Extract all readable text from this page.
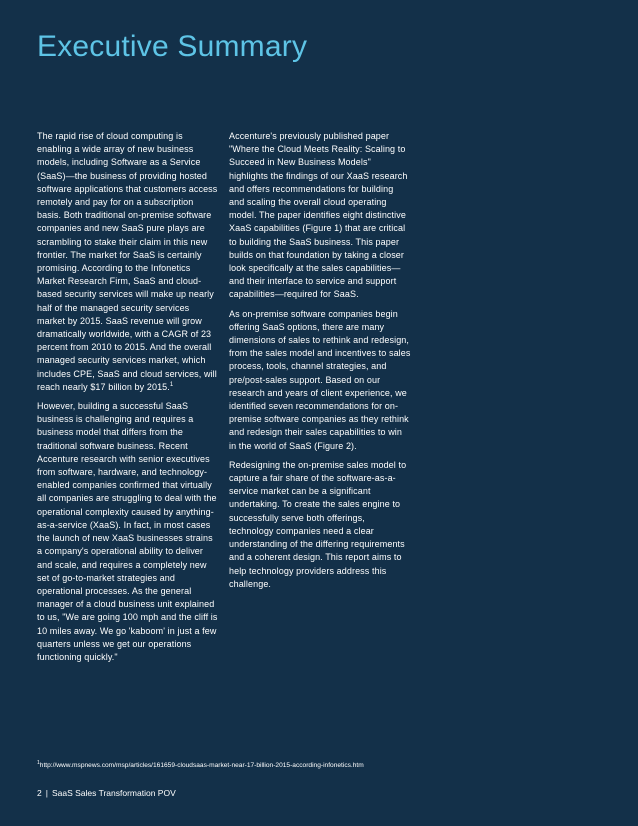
Executive Summary

The rapid rise of cloud computing is enabling a wide array of new business models, including Software as a Service (SaaS)—the business of providing hosted software applications that customers access remotely and pay for on a subscription basis. Both traditional on-premise software companies and new SaaS pure plays are scrambling to stake their claim in this new frontier. The market for SaaS is certainly promising. According to the Infonetics Market Research Firm, SaaS and cloud-based security services will make up nearly half of the managed security services market by 2015. SaaS revenue will grow dramatically worldwide, with a CAGR of 23 percent from 2010 to 2015. And the overall managed security services market, which includes CPE, SaaS and cloud services, will reach nearly $17 billion by 2015.$^1$

However, building a successful SaaS business is challenging and requires a business model that differs from the traditional software business. Recent Accenture research with senior executives from software, hardware, and technology-enabled companies confirmed that virtually all companies are struggling to deal with the operational complexity caused by anything-as-a-service (XaaS). In fact, in most cases the launch of new XaaS businesses strains a company's operational ability to deliver and scale, and requires a completely new set of go-to-market strategies and operational processes. As the general manager of a cloud business unit explained to us, "We are going 100 mph and the cliff is 10 miles away. We go 'kaboom' in just a few quarters unless we get our operations functioning quickly."

Accenture's previously published paper "Where the Cloud Meets Reality: Scaling to Succeed in New Business Models" highlights the findings of our XaaS research and offers recommendations for building and scaling the overall cloud operating model. The paper identifies eight distinctive XaaS capabilities (Figure 1) that are critical to building the SaaS business. This paper builds on that foundation by taking a closer look specifically at the sales capabilities—and their interface to service and support capabilities—required for SaaS.

As on-premise software companies begin offering SaaS options, there are many dimensions of sales to rethink and redesign, from the sales model and incentives to sales process, tools, channel strategies, and pre/post-sales support. Based on our research and years of client experience, we identified seven recommendations for on-premise software companies as they rethink and redesign their sales capabilities to win in the world of SaaS (Figure 2).

Redesigning the on-premise sales model to capture a fair share of the software-as-a-service market can be a significant undertaking. To create the sales engine to successfully serve both offerings, technology companies need a clear understanding of the differing requirements and a coherent design. This report aims to help technology providers address this challenge.

$^1$http://www.mspnews.com/msp/articles/161659-cloudsaas-market-near-17-billion-2015-according-infonetics.htm
2 | SaaS Sales Transformation POV
